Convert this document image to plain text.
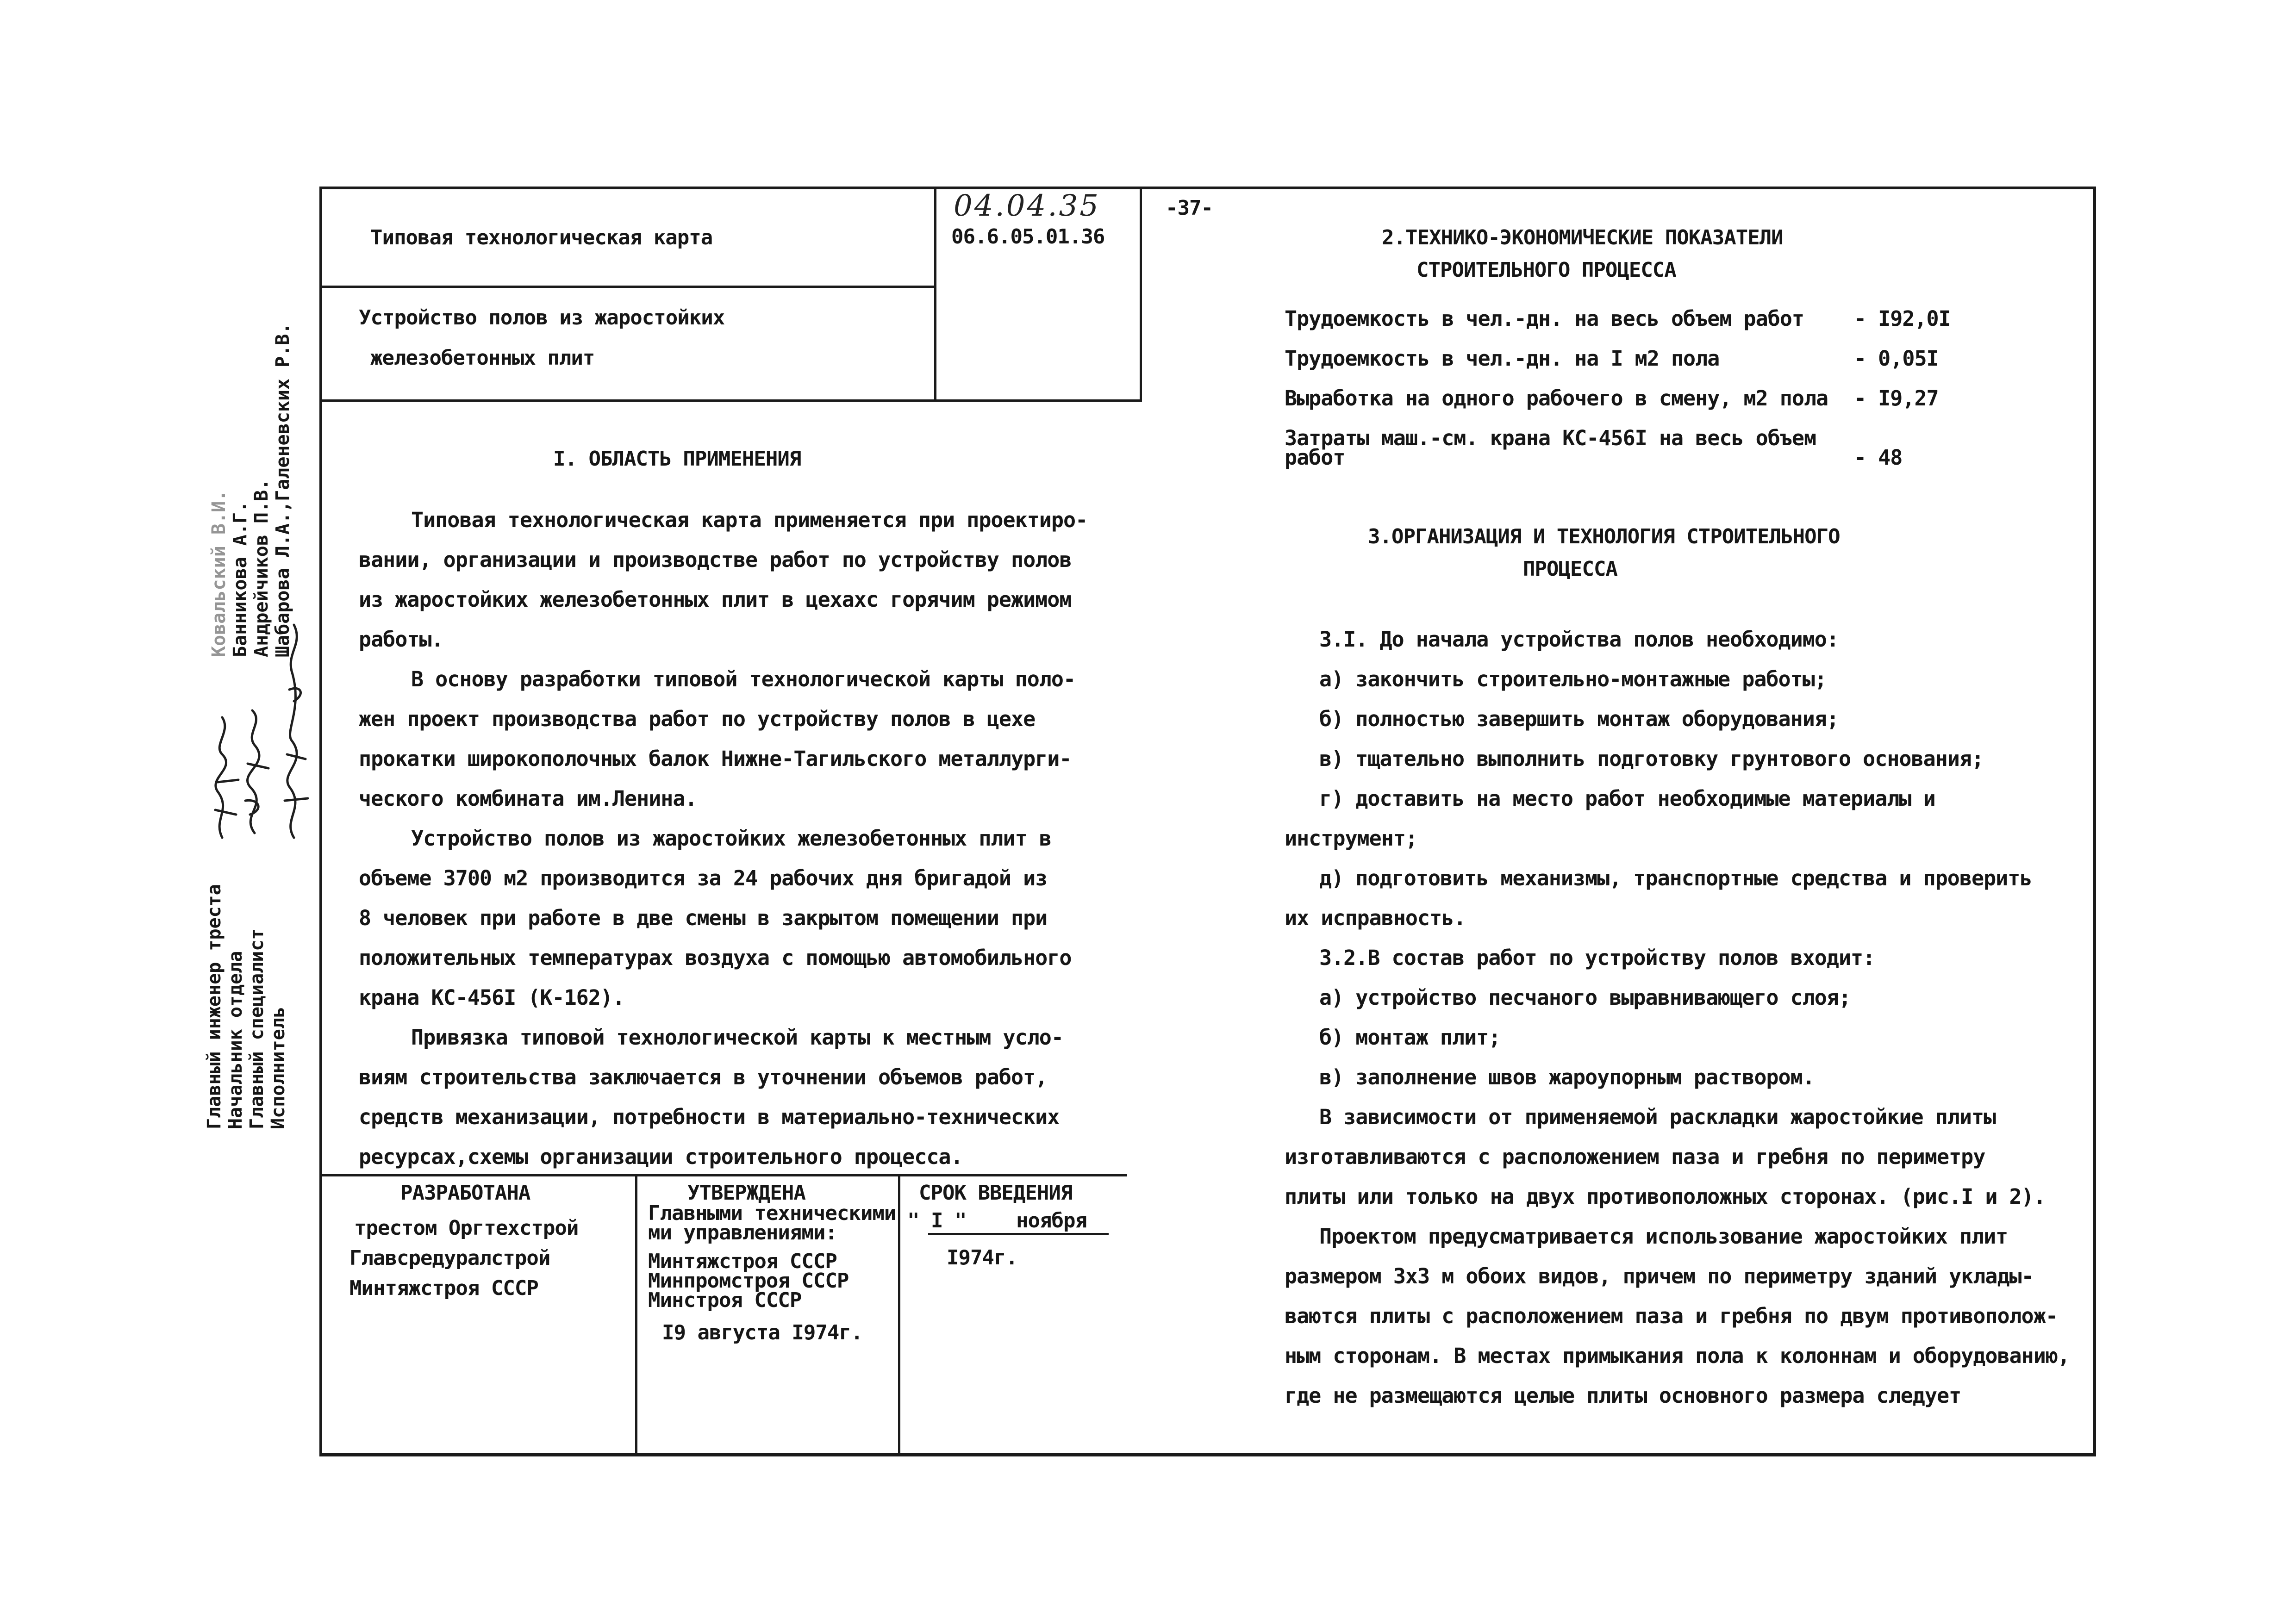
04.04.35
06.6.05.01.36
-37-
Типовая технологическая карта
Устройство полов из жаростойких
железобетонных плит
I. ОБЛАСТЬ ПРИМЕНЕНИЯ
Типовая технологическая карта применяется при проектиро-
вании, организации и производстве работ по устройству полов
из жаростойких железобетонных плит в цехахс горячим режимом
работы.
В основу разработки типовой технологической карты поло-
жен проект производства работ по устройству полов в цехе
прокатки широкополочных балок Нижне-Тагильского металлурги-
ческого комбината им.Ленина.
Устройство полов из жаростойких железобетонных плит в
объеме 3700 м2 производится за 24 рабочих дня бригадой из
8 человек при работе в две смены в закрытом помещении при
положительных температурах воздуха с помощью автомобильного
крана КС-456I (К-162).
Привязка типовой технологической карты к местным усло-
виям строительства заключается в уточнении объемов работ,
средств механизации, потребности в материально-технических
ресурсах,схемы организации строительного процесса.
РАЗРАБОТАНА
трестом Оргтехстрой
Главсредуралстрой
Минтяжстроя СССР
УТВЕРЖДЕНА
Главными техническими
ми управлениями:
Минтяжстроя СССР
Минпромстроя СССР
Минстроя СССР
I9 августа I974г.
СРОК ВВЕДЕНИЯ
" I " ноября
I974г.
2.ТЕХНИКО-ЭКОНОМИЧЕСКИЕ ПОКАЗАТЕЛИ
СТРОИТЕЛЬНОГО ПРОЦЕССА
Трудоемкость в чел.-дн. на весь объем работ - I92,0I
Трудоемкость в чел.-дн. на I м2 пола	- 0,05I
Выработка на одного рабочего в смену, м2 пола - I9,27
Затраты маш.-см. крана КС-456I на весь объем
работ	- 48
3.ОРГАНИЗАЦИЯ И ТЕХНОЛОГИЯ СТРОИТЕЛЬНОГО
ПРОЦЕССА
3.I. До начала устройства полов необходимо:
а) закончить строительно-монтажные работы;
б) полностью завершить монтаж оборудования;
в) тщательно выполнить подготовку грунтового основания;
г) доставить на место работ необходимые материалы и
инструмент;
д) подготовить механизмы, транспортные средства и проверить
их исправность.
3.2.В состав работ по устройству полов входит:
а) устройство песчаного выравнивающего слоя;
б) монтаж плит;
в) заполнение швов жароупорным раствором.
В зависимости от применяемой раскладки жаростойкие плиты
изготавливаются с расположением паза и гребня по периметру
плиты или только на двух противоположных сторонах. (рис.I и 2).
Проектом предусматривается использование жаростойких плит
размером 3х3 м обоих видов, причем по периметру зданий уклады-
ваются плиты с расположением паза и гребня по двум противополож-
ным сторонам. В местах примыкания пола к колоннам и оборудованию,
где не размещаются целые плиты основного размера следует
Главный инженер треста Начальник отдела Главный специалист Исполнитель
Ковальский В.И. Банникова А.Г. Андрейчиков П.В. Шабарова Л.А.,Галеневских Р.В.
